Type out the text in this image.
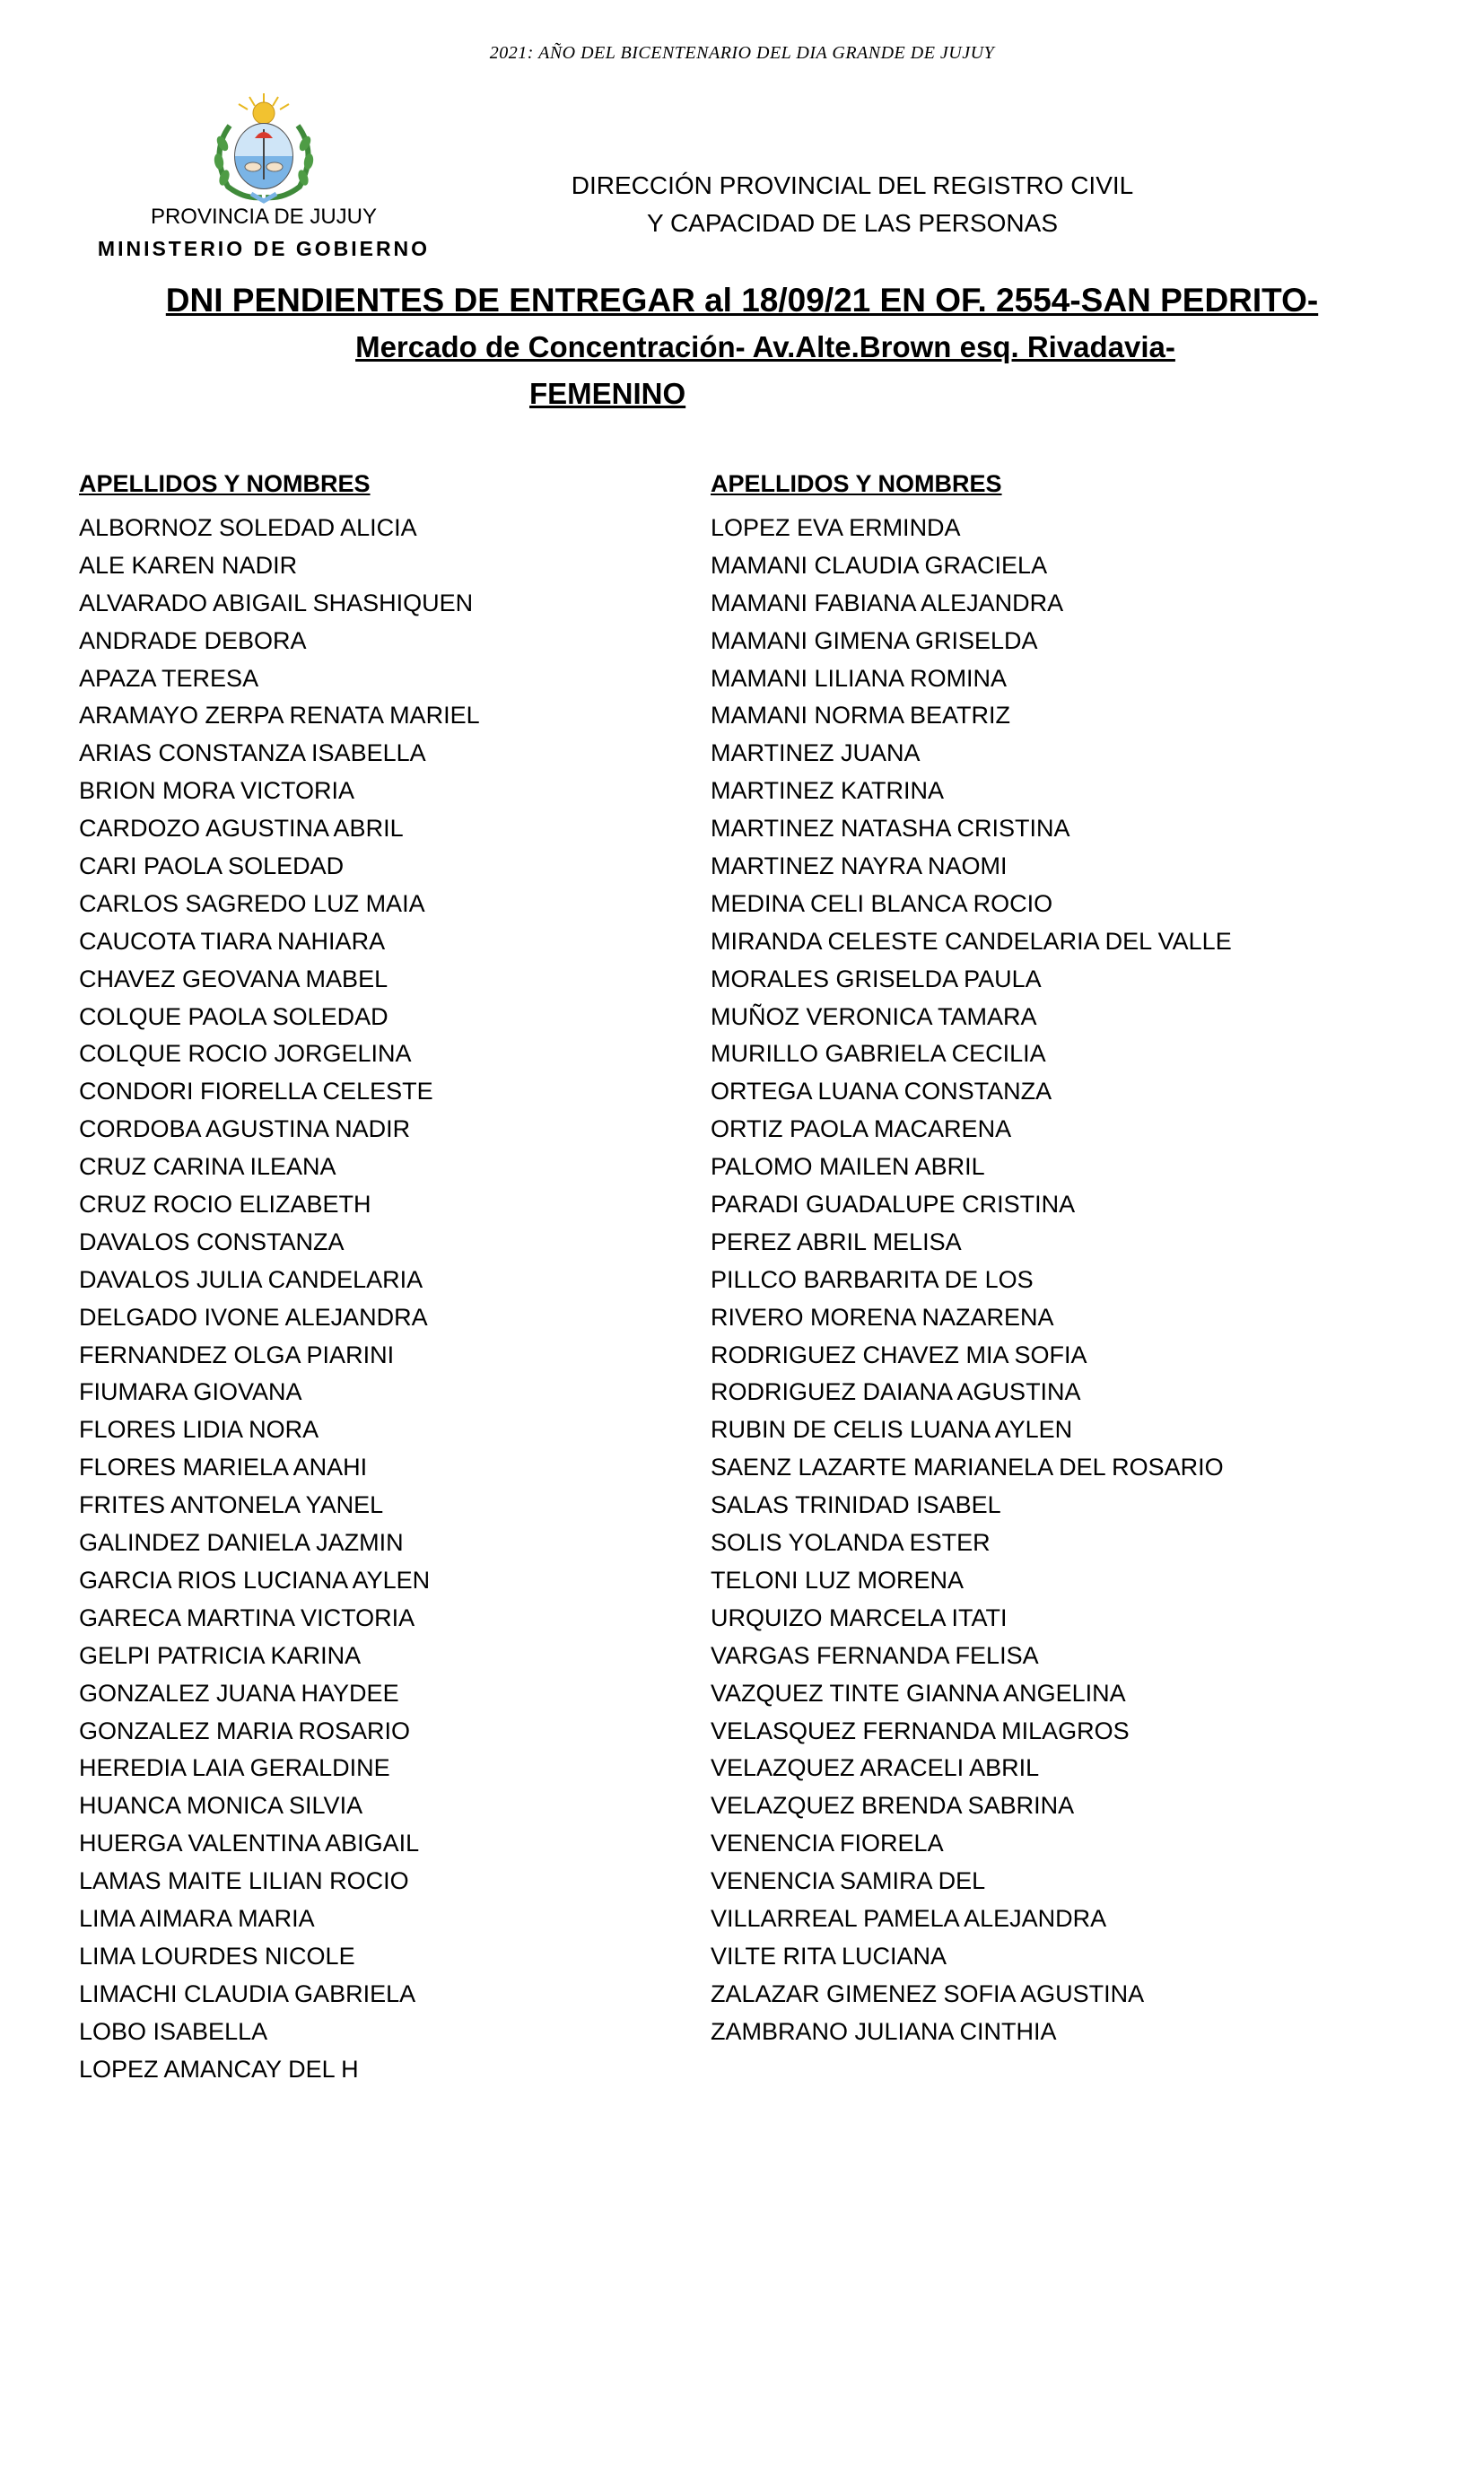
2021: AÑO DEL BICENTENARIO DEL DIA GRANDE DE JUJUY
PROVINCIA DE JUJUY
MINISTERIO DE GOBIERNO
DIRECCIÓN PROVINCIAL DEL REGISTRO CIVIL
Y CAPACIDAD DE LAS PERSONAS
DNI PENDIENTES DE ENTREGAR al 18/09/21 EN OF. 2554-SAN PEDRITO-
Mercado de Concentración- Av.Alte.Brown esq. Rivadavia-
FEMENINO
APELLIDOS Y NOMBRES
ALBORNOZ SOLEDAD ALICIA
ALE KAREN NADIR
ALVARADO ABIGAIL SHASHIQUEN
ANDRADE DEBORA
APAZA TERESA
ARAMAYO ZERPA RENATA MARIEL
ARIAS CONSTANZA ISABELLA
BRION MORA VICTORIA
CARDOZO AGUSTINA ABRIL
CARI PAOLA SOLEDAD
CARLOS SAGREDO LUZ MAIA
CAUCOTA TIARA NAHIARA
CHAVEZ GEOVANA MABEL
COLQUE PAOLA SOLEDAD
COLQUE ROCIO JORGELINA
CONDORI FIORELLA CELESTE
CORDOBA AGUSTINA NADIR
CRUZ CARINA ILEANA
CRUZ ROCIO ELIZABETH
DAVALOS CONSTANZA
DAVALOS JULIA CANDELARIA
DELGADO IVONE ALEJANDRA
FERNANDEZ OLGA PIARINI
FIUMARA GIOVANA
FLORES LIDIA NORA
FLORES MARIELA ANAHI
FRITES ANTONELA YANEL
GALINDEZ DANIELA JAZMIN
GARCIA RIOS LUCIANA AYLEN
GARECA MARTINA VICTORIA
GELPI PATRICIA KARINA
GONZALEZ JUANA HAYDEE
GONZALEZ MARIA ROSARIO
HEREDIA LAIA GERALDINE
HUANCA MONICA SILVIA
HUERGA VALENTINA ABIGAIL
LAMAS MAITE LILIAN ROCIO
LIMA AIMARA MARIA
LIMA LOURDES NICOLE
LIMACHI CLAUDIA GABRIELA
LOBO ISABELLA
LOPEZ AMANCAY DEL H
APELLIDOS Y NOMBRES
LOPEZ EVA ERMINDA
MAMANI CLAUDIA GRACIELA
MAMANI FABIANA ALEJANDRA
MAMANI GIMENA GRISELDA
MAMANI LILIANA ROMINA
MAMANI NORMA BEATRIZ
MARTINEZ JUANA
MARTINEZ KATRINA
MARTINEZ NATASHA CRISTINA
MARTINEZ NAYRA NAOMI
MEDINA CELI BLANCA ROCIO
MIRANDA CELESTE CANDELARIA DEL VALLE
MORALES GRISELDA PAULA
MUÑOZ VERONICA TAMARA
MURILLO GABRIELA CECILIA
ORTEGA LUANA CONSTANZA
ORTIZ PAOLA MACARENA
PALOMO MAILEN ABRIL
PARADI GUADALUPE CRISTINA
PEREZ ABRIL MELISA
PILLCO BARBARITA DE LOS
RIVERO MORENA NAZARENA
RODRIGUEZ CHAVEZ MIA SOFIA
RODRIGUEZ DAIANA AGUSTINA
RUBIN DE CELIS LUANA AYLEN
SAENZ LAZARTE MARIANELA DEL ROSARIO
SALAS TRINIDAD ISABEL
SOLIS YOLANDA ESTER
TELONI LUZ MORENA
URQUIZO MARCELA ITATI
VARGAS FERNANDA FELISA
VAZQUEZ TINTE GIANNA ANGELINA
VELASQUEZ FERNANDA MILAGROS
VELAZQUEZ ARACELI ABRIL
VELAZQUEZ BRENDA SABRINA
VENENCIA FIORELA
VENENCIA SAMIRA DEL
VILLARREAL PAMELA ALEJANDRA
VILTE RITA LUCIANA
ZALAZAR GIMENEZ SOFIA AGUSTINA
ZAMBRANO JULIANA CINTHIA
